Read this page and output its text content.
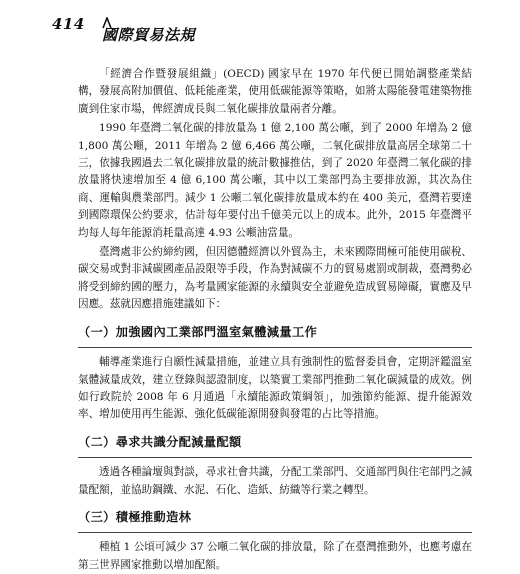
414
國際貿易法規

「經濟合作暨發展組織」(OECD) 國家早在 1970 年代便已開始調整產業結構，發展高附加價值、低耗能產業，使用低碳能源等策略，如將太陽能發電建築物推廣到住家市場，俾經濟成長與二氧化碳排放量兩者分離。

1990 年臺灣二氧化碳的排放量為 1 億 2,100 萬公噸，到了 2000 年增為 2 億 1,800 萬公噸，2011 年增為 2 億 6,466 萬公噸，二氧化碳排放量高居全球第二十三，依據我國過去二氧化碳排放量的統計數據推估，到了 2020 年臺灣二氧化碳的排放量將快速增加至 4 億 6,100 萬公噸，其中以工業部門為主要排放源，其次為住商、運輸與農業部門。減少 1 公噸二氧化碳排放量成本約在 400 美元，臺灣若要達到國際環保公約要求，估計每年要付出千億美元以上的成本。此外，2015 年臺灣平均每人每年能源消耗量高達 4.93 公噸油當量。

臺灣處非公約締約國，但因德體經濟以外貿為主，未來國際間極可能使用碳稅、碳交易或對非減碳國產品設限等手段，作為對減碳不力的貿易處罰或制裁，臺灣勢必將受到締約國的壓力，為考量國家能源的永續與安全並避免造成貿易障礙，實應及早因應。茲就因應措施建議如下：

（一）加強國內工業部門溫室氣體減量工作

輔導產業進行自願性減量措施，並建立具有強制性的監督委員會，定期評鑑溫室氣體減量成效，建立登錄與認證制度，以築實工業部門推動二氧化碳減量的成效。例如行政院於 2008 年 6 月通過「永續能源政策綱領」，加強節約能源、提升能源效率、增加使用再生能源、強化低碳能源開發與發電的占比等措施。

（二）尋求共識分配減量配額

透過各種論壇與對談，尋求社會共識，分配工業部門、交通部門與住宅部門之減量配額，並協助鋼鐵、水泥、石化、造紙、紡織等行業之轉型。

（三）積極推動造林

種植 1 公頃可減少 37 公噸二氧化碳的排放量，除了在臺灣推動外，也應考慮在第三世界國家推動以增加配額。
